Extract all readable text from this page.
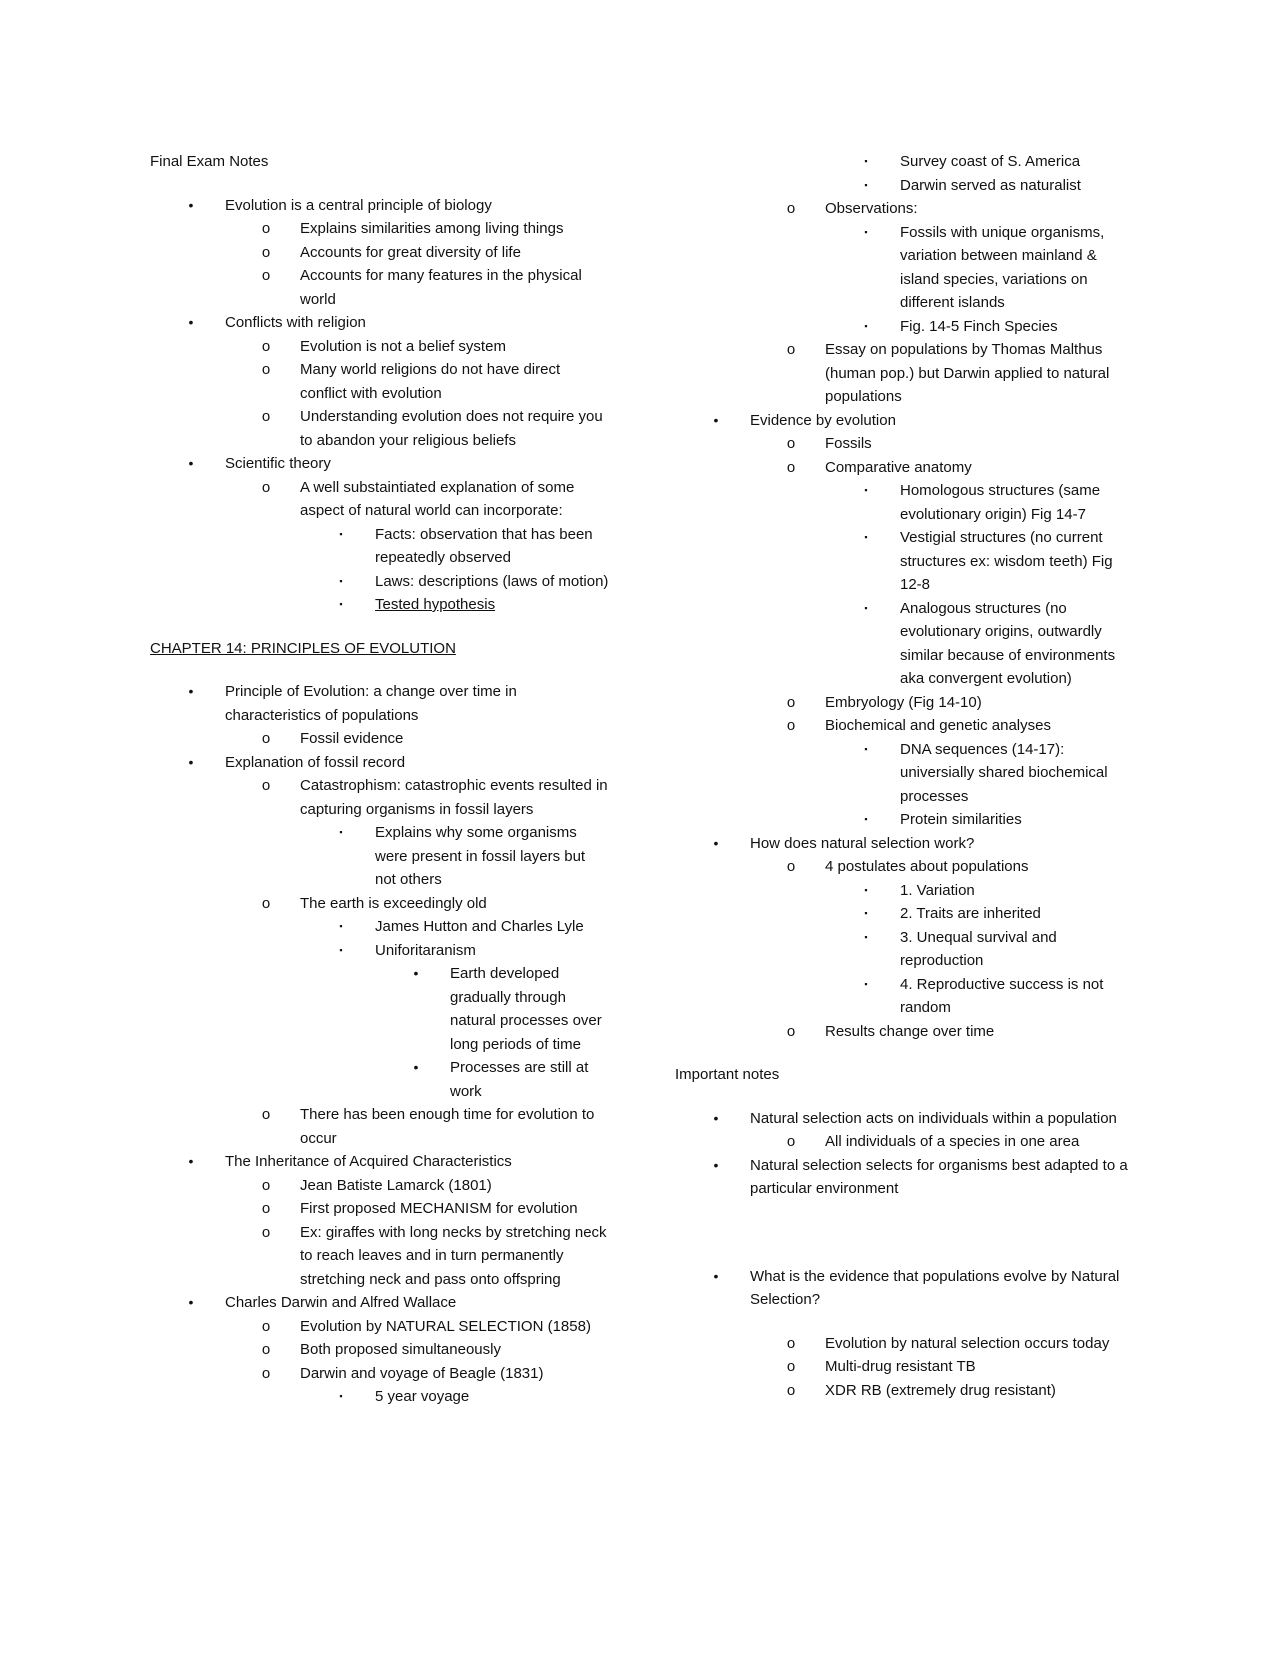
Final Exam Notes
•	Evolution is a central principle of biology
o Explains similarities among living things
o Accounts for great diversity of life
o Accounts for many features in the physical world
•	Conflicts with religion
o Evolution is not a belief system
o Many world religions do not have direct conflict with evolution
o Understanding evolution does not require you to abandon your religious beliefs
•	Scientific theory
o A well substaintiated explanation of some aspect of natural world can incorporate:
▪	Facts: observation that has been repeatedly observed
▪	Laws: descriptions (laws of motion)
▪	Tested hypothesis
CHAPTER 14: PRINCIPLES OF EVOLUTION
•	Principle of Evolution: a change over time in characteristics of populations
o Fossil evidence
•	Explanation of fossil record
o Catastrophism: catastrophic events resulted in capturing organisms in fossil layers
▪	Explains why some organisms were present in fossil layers but not others
o The earth is exceedingly old
▪	James Hutton and Charles Lyle
▪	Uniforitaranism
•	Earth developed gradually through natural processes over long periods of time
•	Processes are still at work
o There has been enough time for evolution to occur
•	The Inheritance of Acquired Characteristics
o Jean Batiste Lamarck (1801)
o First proposed MECHANISM for evolution
o Ex: giraffes with long necks by stretching neck to reach leaves and in turn permanently stretching neck and pass onto offspring
•	Charles Darwin and Alfred Wallace
o Evolution by NATURAL SELECTION (1858)
o Both proposed simultaneously
o Darwin and voyage of Beagle (1831)
▪	5 year voyage
▪	Survey coast of S. America
▪	Darwin served as naturalist
o Observations:
▪	Fossils with unique organisms, variation between mainland & island species, variations on different islands
▪	Fig. 14-5 Finch Species
o Essay on populations by Thomas Malthus (human pop.) but Darwin applied to natural populations
•	Evidence by evolution
o Fossils
o Comparative anatomy
▪	Homologous structures (same evolutionary origin) Fig 14-7
▪	Vestigial structures (no current structures ex: wisdom teeth) Fig 12-8
▪	Analogous structures (no evolutionary origins, outwardly similar because of environments aka convergent evolution)
o Embryology (Fig 14-10)
o Biochemical and genetic analyses
▪	DNA sequences (14-17): universially shared biochemical processes
▪	Protein similarities
•	How does natural selection work?
o 4 postulates about populations
▪	1. Variation
▪	2. Traits are inherited
▪	3. Unequal survival and reproduction
▪	4. Reproductive success is not random
o Results change over time
Important notes
•	Natural selection acts on individuals within a population
o All individuals of a species in one area
•	Natural selection selects for organisms best adapted to a particular environment
•	What is the evidence that populations evolve by Natural Selection?
o Evolution by natural selection occurs today
o Multi-drug resistant TB
o XDR RB (extremely drug resistant)
